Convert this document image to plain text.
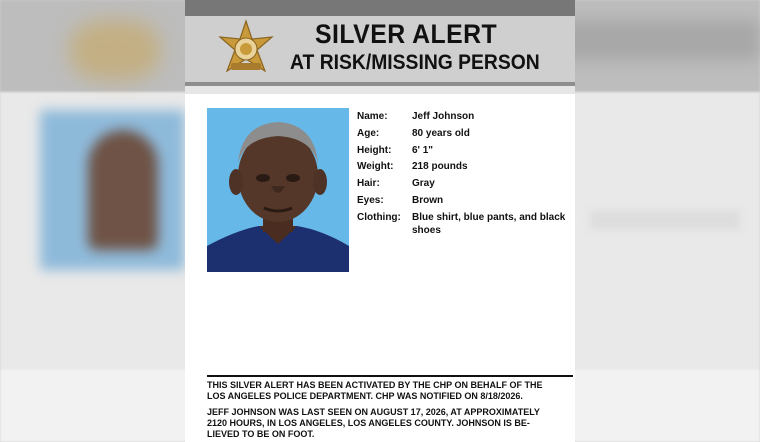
SILVER ALERT
AT RISK/MISSING PERSON
Name:	Jeff Johnson
Age:	80 years old
Height:	6' 1"
Weight:	218 pounds
Hair:	Gray
Eyes:	Brown
Clothing:	Blue shirt, blue pants, and black shoes

THIS SILVER ALERT HAS BEEN ACTIVATED BY THE CHP ON BEHALF OF THE LOS ANGELES POLICE DEPARTMENT. CHP WAS NOTIFIED ON 8/18/2026.

JEFF JOHNSON WAS LAST SEEN ON AUGUST 17, 2026, AT APPROXIMATELY 2120 HOURS, IN LOS ANGELES, LOS ANGELES COUNTY. JOHNSON IS BE-LIEVED TO BE ON FOOT.
